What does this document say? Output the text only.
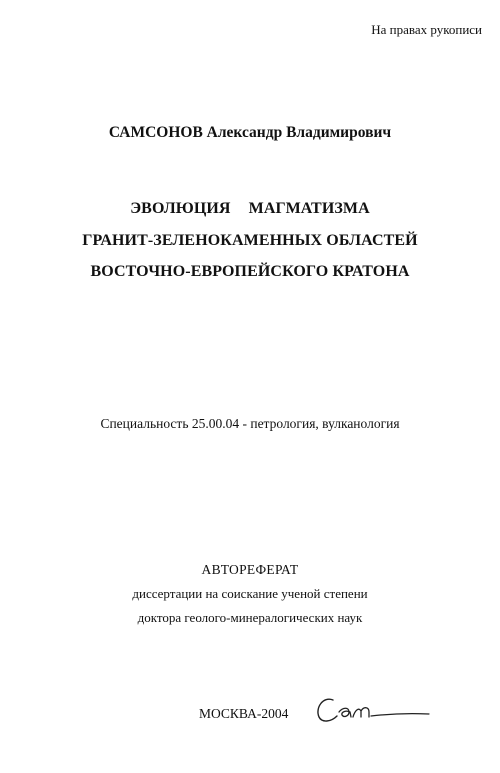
На правах рукописи
САМСОНОВ Александр Владимирович
ЭВОЛЮЦИЯ МАГМАТИЗМА
ГРАНИТ-ЗЕЛЕНОКАМЕННЫХ ОБЛАСТЕЙ
ВОСТОЧНО-ЕВРОПЕЙСКОГО КРАТОНА
Специальность 25.00.04 - петрология, вулканология
АВТОРЕФЕРАТ
диссертации на соискание ученой степени
доктора геолого-минералогических наук
МОСКВА-2004
